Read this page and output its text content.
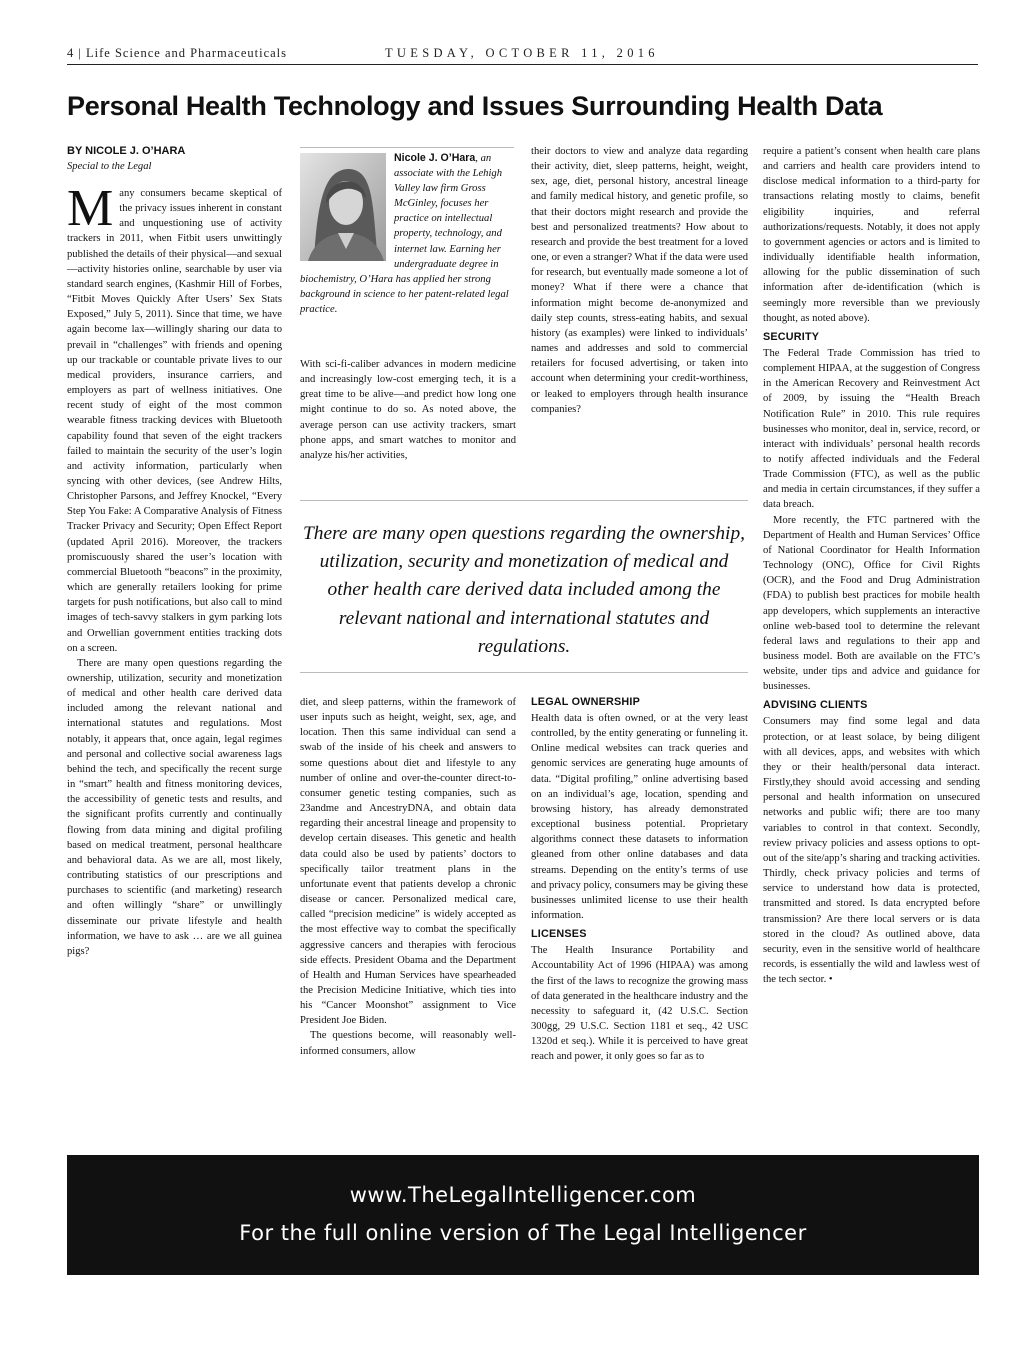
4 | Life Science and Pharmaceuticals	TUESDAY, OCTOBER 11, 2016
Personal Health Technology and Issues Surrounding Health Data
BY NICOLE J. O’HARA
Special to the Legal

Many consumers became skeptical of the privacy issues inherent in constant and unquestioning use of activity trackers in 2011, when Fitbit users unwittingly published the details of their physical—and sexual—activity histories online, searchable by user via standard search engines, (Kashmir Hill of Forbes, “Fitbit Moves Quickly After Users’ Sex Stats Exposed,” July 5, 2011). Since that time, we have again become lax—willingly sharing our data to prevail in “challenges” with friends and opening up our trackable or countable private lives to our medical providers, insurance carriers, and employers as part of wellness initiatives. One recent study of eight of the most common wearable fitness tracking devices with Bluetooth capability found that seven of the eight trackers failed to maintain the security of the user’s login and activity information, particularly when syncing with other devices, (see Andrew Hilts, Christopher Parsons, and Jeffrey Knockel, “Every Step You Fake: A Comparative Analysis of Fitness Tracker Privacy and Security; Open Effect Report (updated April 2016). Moreover, the trackers promiscuously shared the user’s location with commercial Bluetooth “beacons” in the proximity, which are generally retailers looking for prime targets for push notifications, but also call to mind images of tech-savvy stalkers in gym parking lots and Orwellian government entities tracking dots on a screen.

There are many open questions regarding the ownership, utilization, security and monetization of medical and other health care derived data included among the relevant national and international statutes and regulations. Most notably, it appears that, once again, legal regimes and personal and collective social awareness lags behind the tech, and specifically the recent surge in “smart” health and fitness monitoring devices, the accessibility of genetic tests and results, and the significant profits currently and continually flowing from data mining and digital profiling based on medical treatment, personal healthcare and behavioral data. As we are all, most likely, contributing statistics of our prescriptions and purchases to scientific (and marketing) research and often willingly “share” or unwillingly disseminate our private lifestyle and health information, we have to ask … are we all guinea pigs?

Nicole J. O’Hara, an associate with the Lehigh Valley law firm Gross McGinley, focuses her practice on intellectual property, technology, and internet law. Earning her undergraduate degree in biochemistry, O’Hara has applied her strong background in science to her patent-related legal practice.

With sci-fi-caliber advances in modern medicine and increasingly low-cost emerging tech, it is a great time to be alive—and predict how long one might continue to do so. As noted above, the average person can use activity trackers, smart phone apps, and smart watches to monitor and analyze his/her activities,

their doctors to view and analyze data regarding their activity, diet, sleep patterns, height, weight, sex, age, diet, personal history, ancestral lineage and family medical history, and genetic profile, so that their doctors might research and provide the best and personalized treatments? How about to research and provide the best treatment for a loved one, or even a stranger? What if the data were used for research, but eventually made someone a lot of money? What if there were a chance that information might become de-anonymized and daily step counts, stress-eating habits, and sexual history (as examples) were linked to individuals’ names and addresses and sold to commercial retailers for focused advertising, or taken into account when determining your credit-worthiness, or leaked to employers through health insurance companies?

There are many open questions regarding the ownership, utilization, security and monetization of medical and other health care derived data included among the relevant national and international statutes and regulations.

diet, and sleep patterns, within the framework of user inputs such as height, weight, sex, age, and location. Then this same individual can send a swab of the inside of his cheek and answers to some questions about diet and lifestyle to any number of online and over-the-counter direct-to-consumer genetic testing companies, such as 23andme and AncestryDNA, and obtain data regarding their ancestral lineage and propensity to develop certain diseases. This genetic and health data could also be used by patients’ doctors to specifically tailor treatment plans in the unfortunate event that patients develop a chronic disease or cancer. Personalized medical care, called “precision medicine” is widely accepted as the most effective way to combat the specifically aggressive cancers and therapies with ferocious side effects. President Obama and the Department of Health and Human Services have spearheaded the Precision Medicine Initiative, which ties into his “Cancer Moonshot” assignment to Vice President Joe Biden.

The questions become, will reasonably well-informed consumers, allow

LEGAL OWNERSHIP

Health data is often owned, or at the very least controlled, by the entity generating or funneling it. Online medical websites can track queries and genomic services are generating huge amounts of data. “Digital profiling,” online advertising based on an individual’s age, location, spending and browsing history, has already demonstrated exceptional business potential. Proprietary algorithms connect these datasets to information gleaned from other online databases and data streams. Depending on the entity’s terms of use and privacy policy, consumers may be giving these businesses unlimited license to use their health information.

LICENSES

The Health Insurance Portability and Accountability Act of 1996 (HIPAA) was among the first of the laws to recognize the growing mass of data generated in the healthcare industry and the necessity to safeguard it, (42 U.S.C. Section 300gg, 29 U.S.C. Section 1181 et seq., 42 USC 1320d et seq.). While it is perceived to have great reach and power, it only goes so far as to

require a patient’s consent when health care plans and carriers and health care providers intend to disclose medical information to a third-party for transactions relating mostly to claims, benefit eligibility inquiries, and referral authorizations/requests. Notably, it does not apply to government agencies or actors and is limited to individually identifiable health information, allowing for the public dissemination of such information after de-identification (which is seemingly more reversible than we previously thought, as noted above).

SECURITY

The Federal Trade Commission has tried to complement HIPAA, at the suggestion of Congress in the American Recovery and Reinvestment Act of 2009, by issuing the “Health Breach Notification Rule” in 2010. This rule requires businesses who monitor, deal in, service, record, or interact with individuals’ personal health records to notify affected individuals and the Federal Trade Commission (FTC), as well as the public and media in certain circumstances, if they suffer a data breach.

More recently, the FTC partnered with the Department of Health and Human Services’ Office of National Coordinator for Health Information Technology (ONC), Office for Civil Rights (OCR), and the Food and Drug Administration (FDA) to publish best practices for mobile health app developers, which supplements an interactive online web-based tool to determine the relevant federal laws and regulations to their app and business model. Both are available on the FTC’s website, under tips and advice and guidance for businesses.

ADVISING CLIENTS

Consumers may find some legal and data protection, or at least solace, by being diligent with all devices, apps, and websites with which they or their health/personal data interact. Firstly,they should avoid accessing and sending personal and health information on unsecured networks and public wifi; there are too many variables to control in that context. Secondly, review privacy policies and assess options to opt-out of the site/app’s sharing and tracking activities. Thirdly, check privacy policies and terms of service to understand how data is protected, transmitted and stored. Is data encrypted before transmission? Are there local servers or is data stored in the cloud? As outlined above, data security, even in the sensitive world of healthcare records, is essentially the wild and lawless west of the tech sector. •

www.TheLegalIntelligencer.com
For the full online version of The Legal Intelligencer
